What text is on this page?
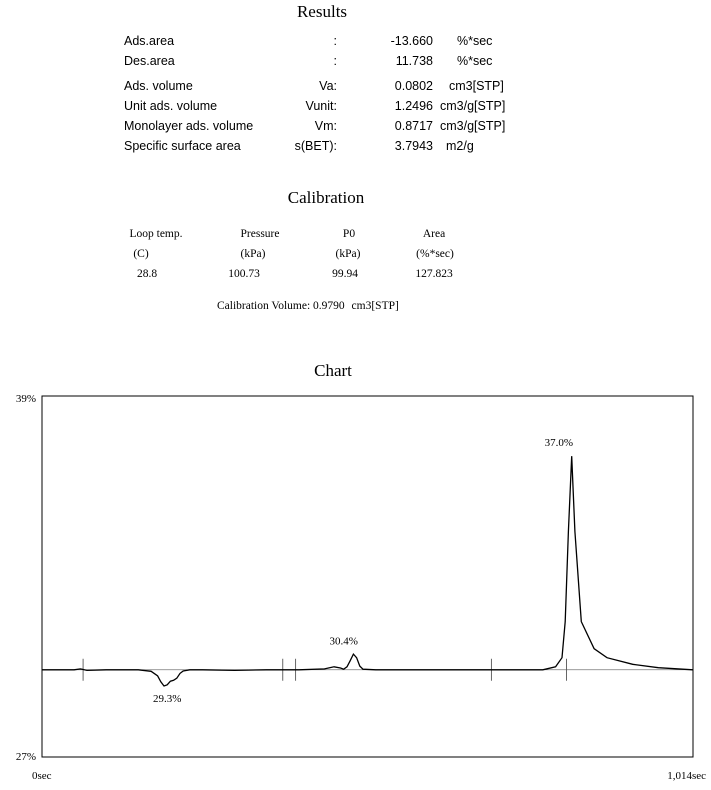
Results
Ads.area	:	-13.660 %*sec
Des.area	:	11.738 %*sec
Ads. volume	Va:	0.0802 cm3[STP]
Unit ads. volume	Vunit:	1.2496 cm3/g[STP]
Monolayer ads. volume	Vm:	0.8717 cm3/g[STP]
Specific surface area	s(BET):	3.7943 m2/g
Calibration
Loop temp.	Pressure	P0	Area
(C)	(kPa)	(kPa)	(%*sec)
28.8	100.73	99.94	127.823
Calibration Volume: 0.9790 cm3[STP]
Chart
39%
27%
0sec	1,014sec
29.3%
30.4%
37.0%
